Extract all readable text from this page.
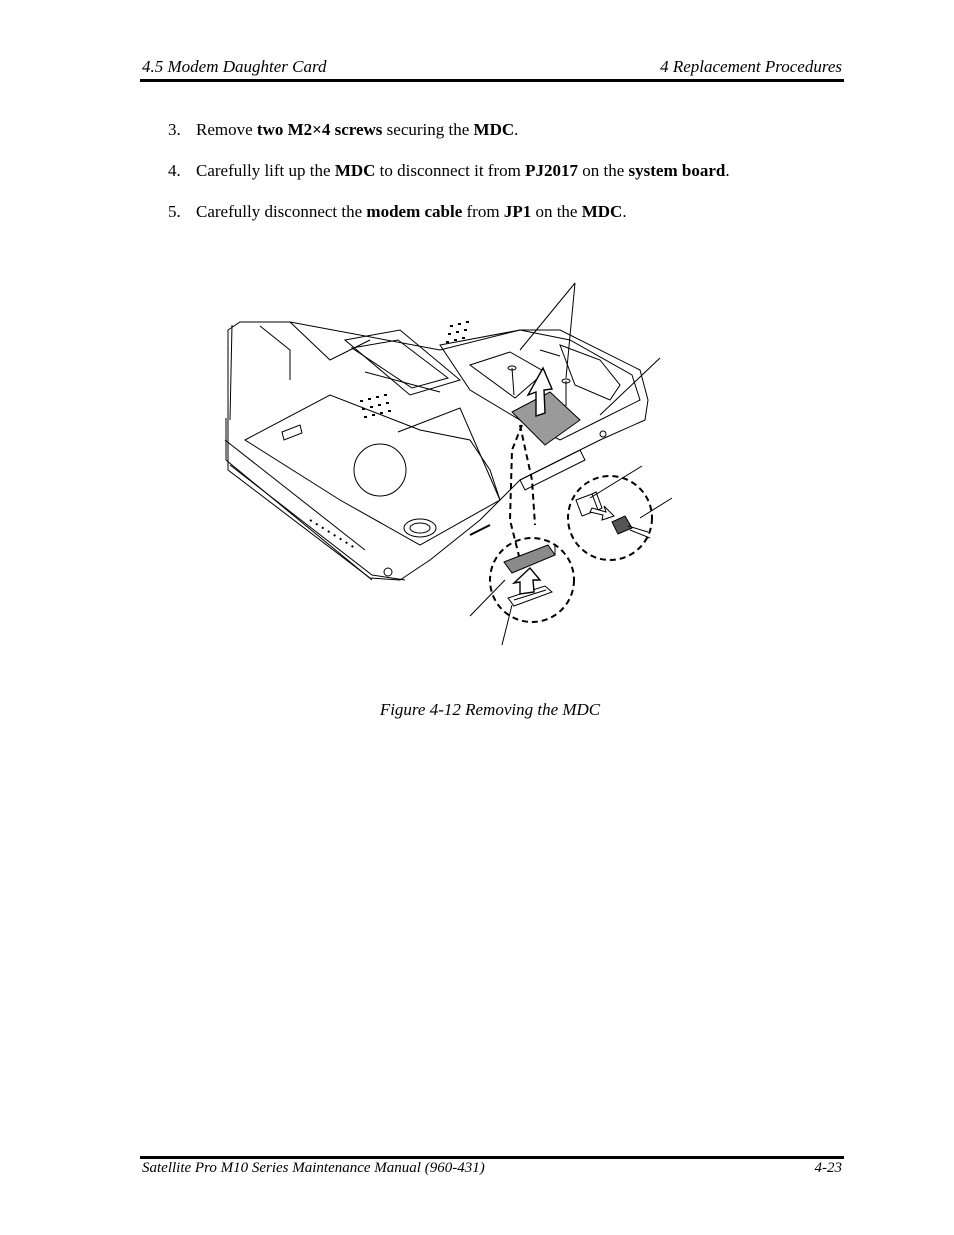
4.5 Modem Daughter Card	4 Replacement Procedures
3. Remove two M2×4 screws securing the MDC.
4. Carefully lift up the MDC to disconnect it from PJ2017 on the system board.
5. Carefully disconnect the modem cable from JP1 on the MDC.
Figure 4-12 Removing the MDC
Satellite Pro M10 Series Maintenance Manual (960-431)	4-23
